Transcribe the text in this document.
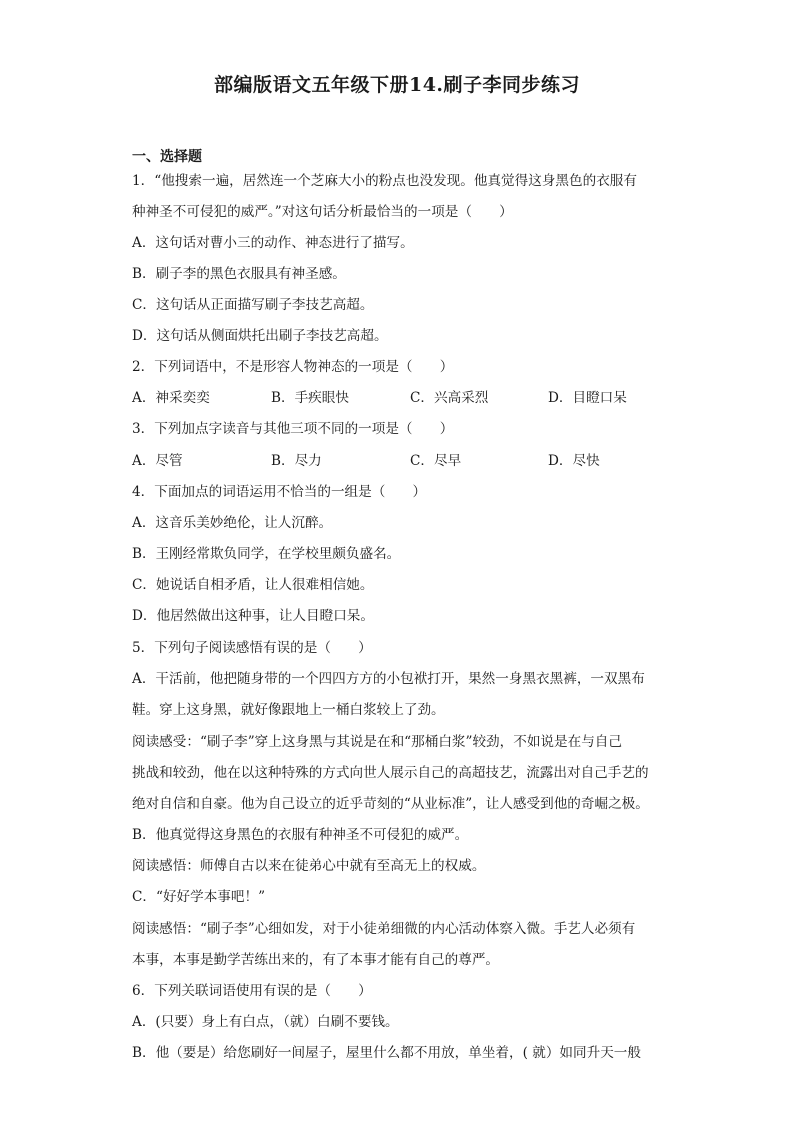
部编版语文五年级下册14.刷子李同步练习
一、选择题
1．“他搜索一遍，居然连一个芝麻大小的粉点也没发现。他真觉得这身黑色的衣服有
种神圣不可侵犯的威严。”对这句话分析最恰当的一项是（　　）
A．这句话对曹小三的动作、神态进行了描写。
B．刷子李的黑色衣服具有神圣感。
C．这句话从正面描写刷子李技艺高超。
D．这句话从侧面烘托出刷子李技艺高超。
2．下列词语中，不是形容人物神态的一项是（　　）
A．神采奕奕	B．手疾眼快	C．兴高采烈	D．目瞪口呆
3．下列加点字读音与其他三项不同的一项是（　　）
A．尽管	B．尽力	C．尽早	D．尽快
4．下面加点的词语运用不恰当的一组是（　　）
A．这音乐美妙绝伦，让人沉醉。
B．王刚经常欺负同学，在学校里颇负盛名。
C．她说话自相矛盾，让人很难相信她。
D．他居然做出这种事，让人目瞪口呆。
5．下列句子阅读感悟有误的是（　　）
A．干活前，他把随身带的一个四四方方的小包袱打开，果然一身黑衣黑裤，一双黑布
鞋。穿上这身黑，就好像跟地上一桶白浆较上了劲。
阅读感受：“刷子李”穿上这身黑与其说是在和“那桶白浆”较劲，不如说是在与自己
挑战和较劲，他在以这种特殊的方式向世人展示自己的高超技艺，流露出对自己手艺的
绝对自信和自豪。他为自己设立的近乎苛刻的“从业标准”，让人感受到他的奇崛之极。
B．他真觉得这身黑色的衣服有种神圣不可侵犯的威严。
阅读感悟：师傅自古以来在徒弟心中就有至高无上的权威。
C．“好好学本事吧！”
阅读感悟：“刷子李”心细如发，对于小徒弟细微的内心活动体察入微。手艺人必须有
本事，本事是勤学苦练出来的，有了本事才能有自己的尊严。
6．下列关联词语使用有误的是（　　）
A．(只要）身上有白点，（就）白刷不要钱。
B．他（要是）给您刷好一间屋子，屋里什么都不用放，单坐着，( 就）如同升天一般
